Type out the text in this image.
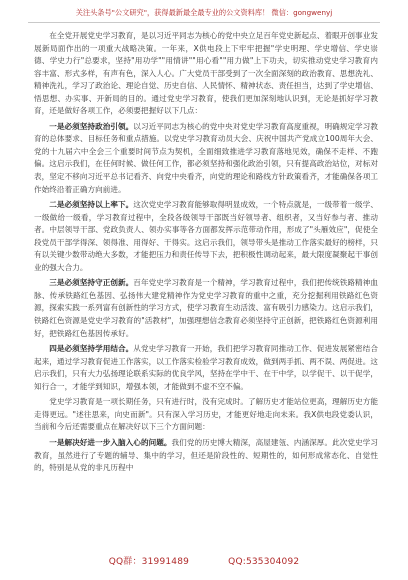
关注头条号"公文研究"，获得最新最全最专业的公文资料库！ 微信：gongwenyj

在全党开展党史学习教育，是以习近平同志为核心的党中央立足百年党史新起点、着眼开创事业发展新局面作出的一项重大战略决策。一年来，X供电段上下牢牢把握"学史明理、学史增信、学史崇德、学史力行"总要求，坚持"用功学""用情讲""用心看""用力做"上下功夫，切实推动党史学习教育内容丰富、形式多样，有声有色，深入人心。广大党员干部受到了一次全面深刻的政治教育、思想洗礼、精神洗礼，学习了政治论、理论自觉、历史自信、人民情怀、精神状态、责任担当，达到了学史增信、悟思想、办实事、开新局的目的。通过党史学习教育，使我们更加深刻地认识到，无论是抓好学习教育，还是做好各项工作，必须要把握好以下几点：

一是必须坚持政治引领。以习近平同志为核心的党中央对党史学习教育高度重视，明确规定学习教育的总体要求、目标任务和重点措施。以党史学习教育动员大会、庆祝中国共产党成立100周年大会、党的十九届六中全会三个重要时间节点为契机，全面细致推进学习教育落地见效，确保不走样、不跑偏。这启示我们，在任何时候、做任何工作，都必须坚持和强化政治引领，只有提高政治站位，对标对表，坚定不移向习近平总书记看齐、向党中央看齐，向党的理论和路线方针政策看齐，才能确保各项工作始终沿着正确方向前进。

二是必须坚持以上率下。这次党史学习教育能够取得明显成效，一个特点就是，一级带着一级学、一级做给一级看，学习教育过程中，全段各级领导干部既当好领导者、组织者，又当好参与者、推动者。中层领导干部、党政负责人、领办实事等各方面都发挥示范带动作用，形成了"头雁效应"，促使全段党员干部学得深、领得准、用得好、干得实。这启示我们，领导带头是推动工作落实最好的榜样，只有以关键少数带动绝大多数，才能把压力和责任传导下去，把积极性调动起来，最大限度凝聚起干事创业的强大合力。

三是必须坚持守正创新。百年党史学习教育是一个精神，学习教育过程中，我们把传统铁路精神血脉、传承铁路红色基因、弘扬伟大建党精神作为党史学习教育的重中之重，充分挖掘利用铁路红色资源，探索实践一系列富有创新性的学习方式，使学习教育生动活泼、富有吸引力感染力。这启示我们，铁路红色资源是党史学习教育的"活教材"，加强理想信念教育必须坚持守正创新，把铁路红色资源利用好，把铁路红色基因传承好。

四是必须坚持学用结合。从党史学习教育一开始，我们把学习教育同推动工作、促进发展紧密结合起来，通过学习教育促进工作落实，以工作落实检验学习教育成效，做到两手抓、两不误、两促进。这启示我们，只有大力弘扬理论联系实际的优良学风，坚持在学中干、在干中学，以学促干、以干促学，知行合一，才能学到知识，增强本领，才能做到不虚不空不偏。

党史学习教育是一项长期任务，只有进行时，没有完成时。了解历史才能站位更高，理解历史方能走得更远。"述往思来，向史而新"。只有深入学习历史，才能更好地走向未来。我X供电段党委认识，当前和今后还需要重点在解决好以下三个方面问题：

一是解决好进一步入脑入心的问题。我们党的历史博大精深，高屋建瓴、内涵深厚。此次党史学习教育，虽然进行了专题的辅导、集中的学习，但还是阶段性的、短期性的，如何形成常态化、自觉性的，特别是从党的非凡历程中

QQ群：31991489	QQ:535304092
